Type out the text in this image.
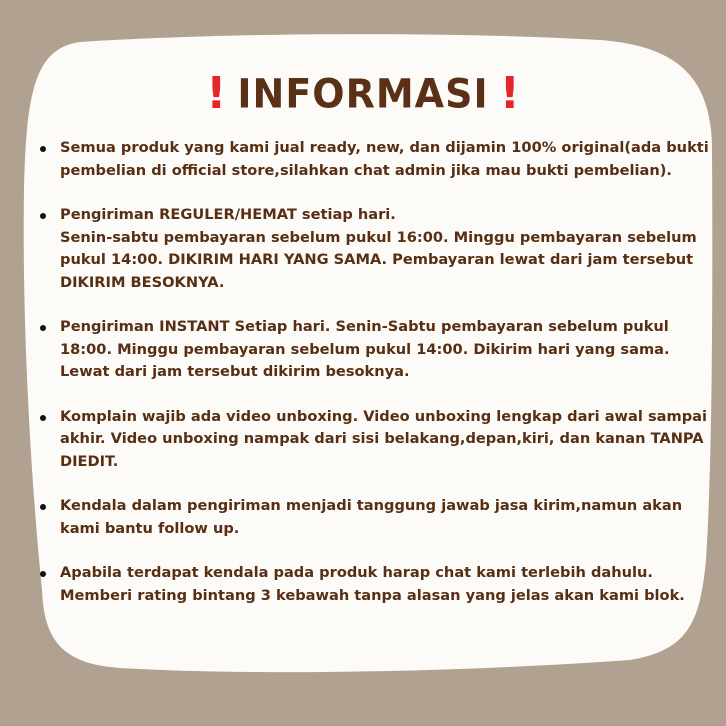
! INFORMASI !
Semua produk yang kami jual ready, new, dan dijamin 100% original(ada bukti
pembelian di official store,silahkan chat admin jika mau bukti pembelian).
Pengiriman REGULER/HEMAT setiap hari.
Senin-sabtu pembayaran sebelum pukul 16:00. Minggu pembayaran sebelum
pukul 14:00. DIKIRIM HARI YANG SAMA. Pembayaran lewat dari jam tersebut
DIKIRIM BESOKNYA.
Pengiriman INSTANT Setiap hari. Senin-Sabtu pembayaran sebelum pukul
18:00. Minggu pembayaran sebelum pukul 14:00. Dikirim hari yang sama.
Lewat dari jam tersebut dikirim besoknya.
Komplain wajib ada video unboxing. Video unboxing lengkap dari awal sampai
akhir. Video unboxing nampak dari sisi belakang,depan,kiri, dan kanan TANPA
DIEDIT.
Kendala dalam pengiriman menjadi tanggung jawab jasa kirim,namun akan
kami bantu follow up.
Apabila terdapat kendala pada produk harap chat kami terlebih dahulu.
Memberi rating bintang 3 kebawah tanpa alasan yang jelas akan kami blok.
